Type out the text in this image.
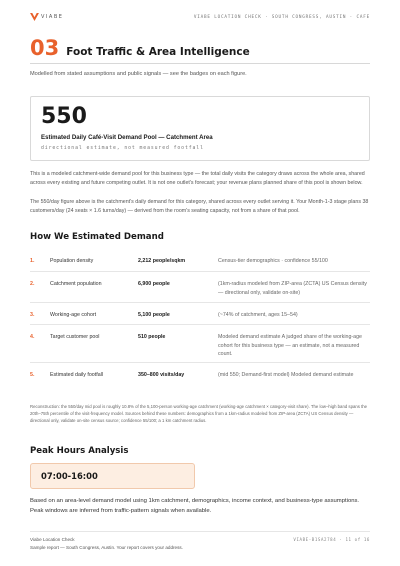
VIABE	VIABE LOCATION CHECK · SOUTH CONGRESS, AUSTIN · CAFE
03 Foot Traffic & Area Intelligence
Modelled from stated assumptions and public signals — see the badges on each figure.
550
Estimated Daily Café-Visit Demand Pool — Catchment Area
directional estimate, not measured footfall

This is a modeled catchment-wide demand pool for this business type — the total daily visits the category draws across the whole area, shared across every existing and future competing outlet. It is not one outlet's forecast; your revenue plans planned share of this pool is shown below.

The 550/day figure above is the catchment's daily demand for this category, shared across every outlet serving it. Your Month-1-3 stage plans 38 customers/day (24 seats × 1.6 turns/day) — derived from the room's seating capacity, not from a share of that pool.

How We Estimated Demand
1.	Population density	2,212 people/sqkm	Census-tier demographics · confidence 55/100
2.	Catchment population	6,900 people	(1km-radius modeled from ZIP-area (ZCTA) US Census density — directional only, validate on-site)
3.	Working-age cohort	5,100 people	(~74% of catchment, ages 15–54)
4.	Target customer pool	510 people	Modeled demand estimate A judged share of the working-age cohort for this business type — an estimate, not a measured count.
5.	Estimated daily footfall	350–800 visits/day	(mid 550; Demand-first model) Modeled demand estimate

Reconstruction: the 550/day mid pool is roughly 10.8% of the 5,100-person working-age catchment (working-age catchment × category-visit share). The low–high band spans the 20th–75th percentile of the visit-frequency model. Sources behind these numbers: demographics from a 1km-radius modeled from ZIP-area (ZCTA) US Census density — directional only, validate on-site census source; confidence 55/100; a 1 km catchment radius.

Peak Hours Analysis
07:00-16:00

Based on an area-level demand model using 1km catchment, demographics, income context, and business-type assumptions. Peak windows are inferred from traffic-pattern signals when available.

Viabe Location Check
Sample report — South Congress, Austin. Your report covers your address.
VIABE-B1SA2784 · 11 of 16
